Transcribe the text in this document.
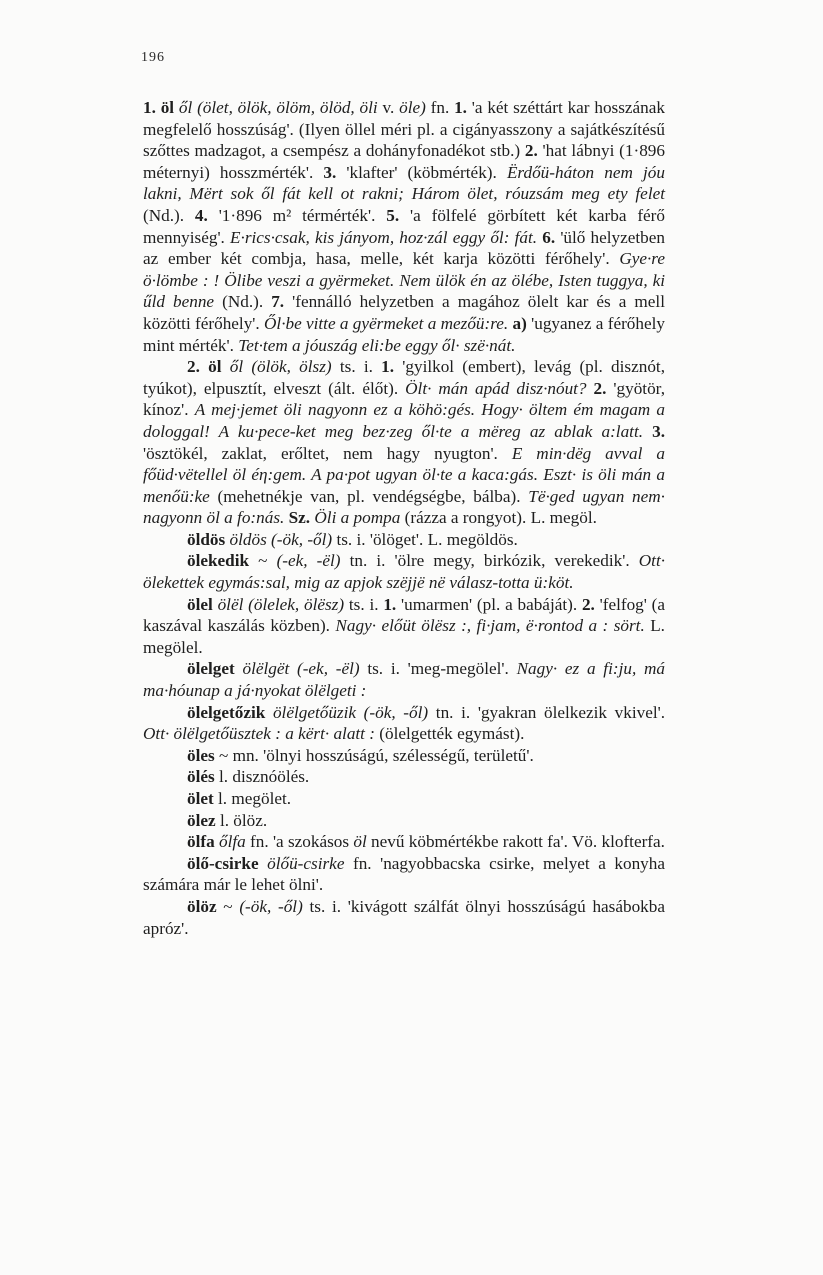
196

1. öl ől (ölet, ölök, ölöm, ölöd, öli v. öle) fn. 1. 'a két széttárt kar hosszának megfelelő hosszúság'. (Ilyen öllel méri pl. a cigányasszony a sajátkészítésű szőttes madzagot, a csempész a dohányfonadékot stb.) 2. 'hat lábnyi (1·896 méternyi) hosszmérték'. 3. 'klafter' (köbmérték). Ërdőü-háton nem jóu lakni, Mërt sok ől fát kell ot rakni; Három ölet, róuzsám meg ety felet (Nd.). 4. '1·896 m² térmérték'. 5. 'a fölfelé görbített két karba férő mennyiség'. E·rics·csak, kis jányom, hoz·zál eggy ől: fát. 6. 'ülő helyzetben az ember két combja, hasa, melle, két karja közötti férőhely'. Gye·re ö·lömbe : ! Ölibe veszi a gyërmeket. Nem ülök én az ölébe, Isten tuggya, ki űld benne (Nd.). 7. 'fennálló helyzetben a magához ölelt kar és a mell közötti férőhely'. Ől·be vitte a gyërmeket a mezőü:re. a) 'ugyanez a férőhely mint mérték'. Tet·tem a jóuszág eli:be eggy ől· szë·nát.

2. öl ől (ölök, ölsz) ts. i. 1. 'gyilkol (embert), levág (pl. disznót, tyúkot), elpusztít, elveszt (ált. élőt). Ölt· mán apád disz·nóut? 2. 'gyötör, kínoz'. A mej·jemet öli nagyonn ez a köhö:gés. Hogy· öltem ém magam a dologgal! A ku·pece-ket meg bez·zeg ől·te a mëreg az ablak a:latt. 3. 'ösztökél, zaklat, erőltet, nem hagy nyugton'. E min·dëg avval a főüd·vëtellel öl éη:gem. A pa·pot ugyan öl·te a kaca:gás. Eszt· is öli mán a menőü:ke (mehetnékje van, pl. vendégségbe, bálba). Të·ged ugyan nem· nagyonn öl a fo:nás. Sz. Öli a pompa (rázza a rongyot). L. megöl.

öldös öldös (-ök, -ől) ts. i. 'ölöget'. L. megöldös.

ölekedik ~ (-ek, -ël) tn. i. 'ölre megy, birkózik, verekedik'. Ott· ölekettek egymás:sal, mig az apjok szëjjë në válasz-totta ü:köt.

ölel ölël (ölelek, ölësz) ts. i. 1. 'umarmen' (pl. a babáját). 2. 'felfog' (a kaszával kaszálás közben). Nagy· előüt ölësz :, fi·jam, ë·rontod a : sört. L. megölel.

ölelget ölëlgët (-ek, -ël) ts. i. 'meg-megölel'. Nagy· ez a fi:ju, má ma·hóunap a já·nyokat ölëlgeti :

ölelgetőzik ölëlgetőüzik (-ök, -ől) tn. i. 'gyakran ölelkezik vkivel'. Ott· ölëlgetőüsztek : a kërt· alatt : (ölelgették egymást).

öles ~ mn. 'ölnyi hosszúságú, szélességű, területű'.

ölés l. disznóölés.

ölet l. megölet.

ölez l. ölöz.

ölfa őlfa fn. 'a szokásos öl nevű köbmértékbe rakott fa'. Vö. klofterfa.

ölő-csirke ölőü-csirke fn. 'nagyobbacska csirke, melyet a konyha számára már le lehet ölni'.

ölöz ~ (-ök, -ől) ts. i. 'kivágott szálfát ölnyi hosszúságú hasábokba apróz'.
